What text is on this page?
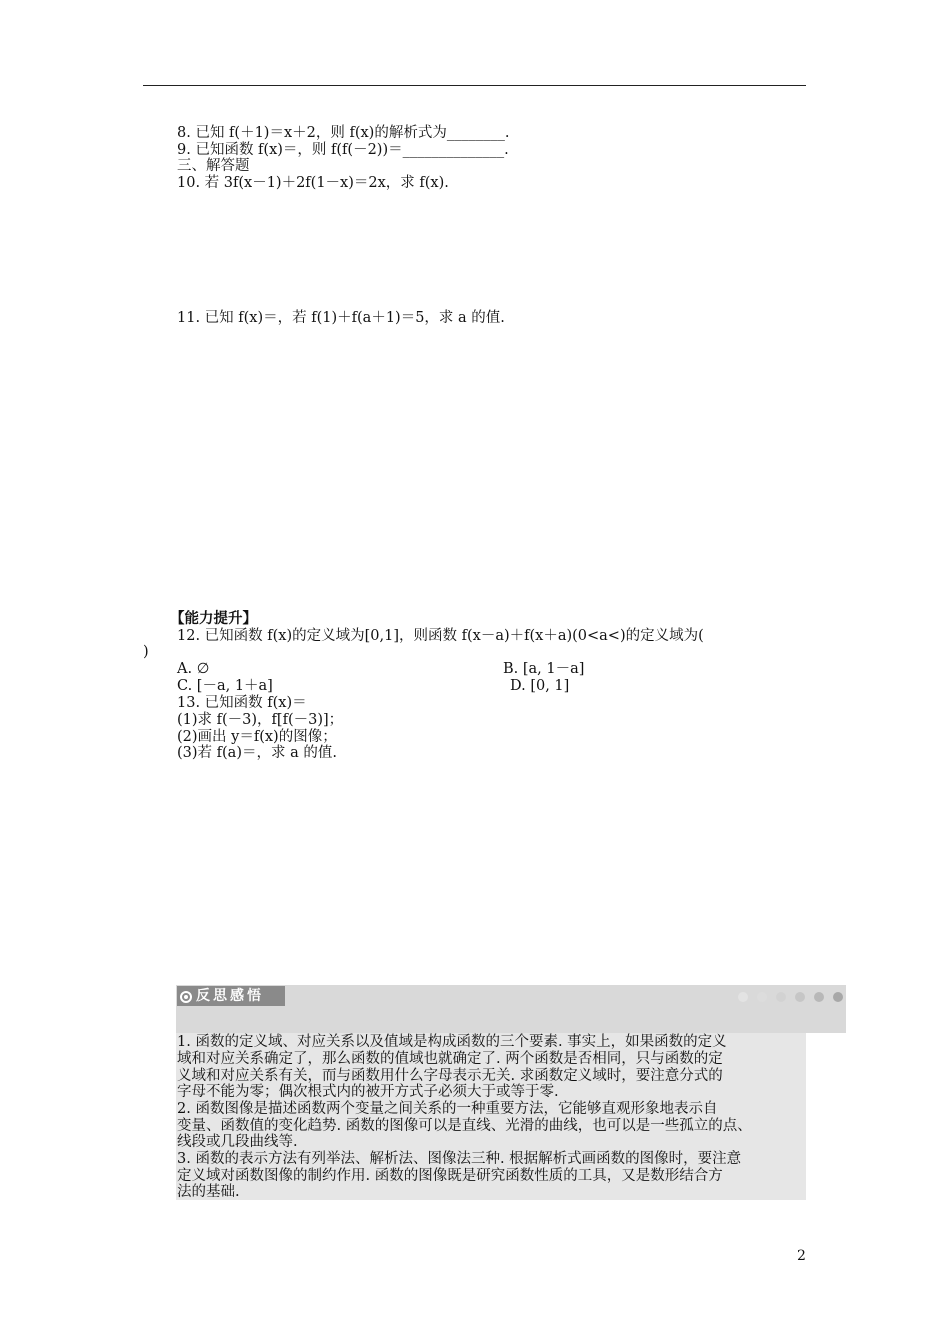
8. 已知 f(＋1)＝x＋2，则 f(x)的解析式为________.
9. 已知函数 f(x)＝，则 f(f(－2))＝______________.
三、解答题
10. 若 3f(x－1)＋2f(1－x)＝2x，求 f(x).
11. 已知 f(x)＝，若 f(1)＋f(a＋1)＝5，求 a 的值.
【能力提升】
12. 已知函数 f(x)的定义域为[0,1]，则函数 f(x－a)＋f(x＋a)(0<a<)的定义域为(
)
A. ∅	B. [a, 1－a]
C. [－a, 1＋a]	D. [0, 1]
13. 已知函数 f(x)＝
(1)求 f(－3)，f[f(－3)]；
(2)画出 y＝f(x)的图像；
(3)若 f(a)＝，求 a 的值.
反思感悟
1. 函数的定义域、对应关系以及值域是构成函数的三个要素. 事实上，如果函数的定义
域和对应关系确定了，那么函数的值域也就确定了. 两个函数是否相同，只与函数的定
义域和对应关系有关，而与函数用什么字母表示无关. 求函数定义域时，要注意分式的
字母不能为零；偶次根式内的被开方式子必须大于或等于零.
2. 函数图像是描述函数两个变量之间关系的一种重要方法，它能够直观形象地表示自
变量、函数值的变化趋势. 函数的图像可以是直线、光滑的曲线，也可以是一些孤立的点、
线段或几段曲线等.
3. 函数的表示方法有列举法、解析法、图像法三种. 根据解析式画函数的图像时，要注意
定义域对函数图像的制约作用. 函数的图像既是研究函数性质的工具，又是数形结合方
法的基础.
2
